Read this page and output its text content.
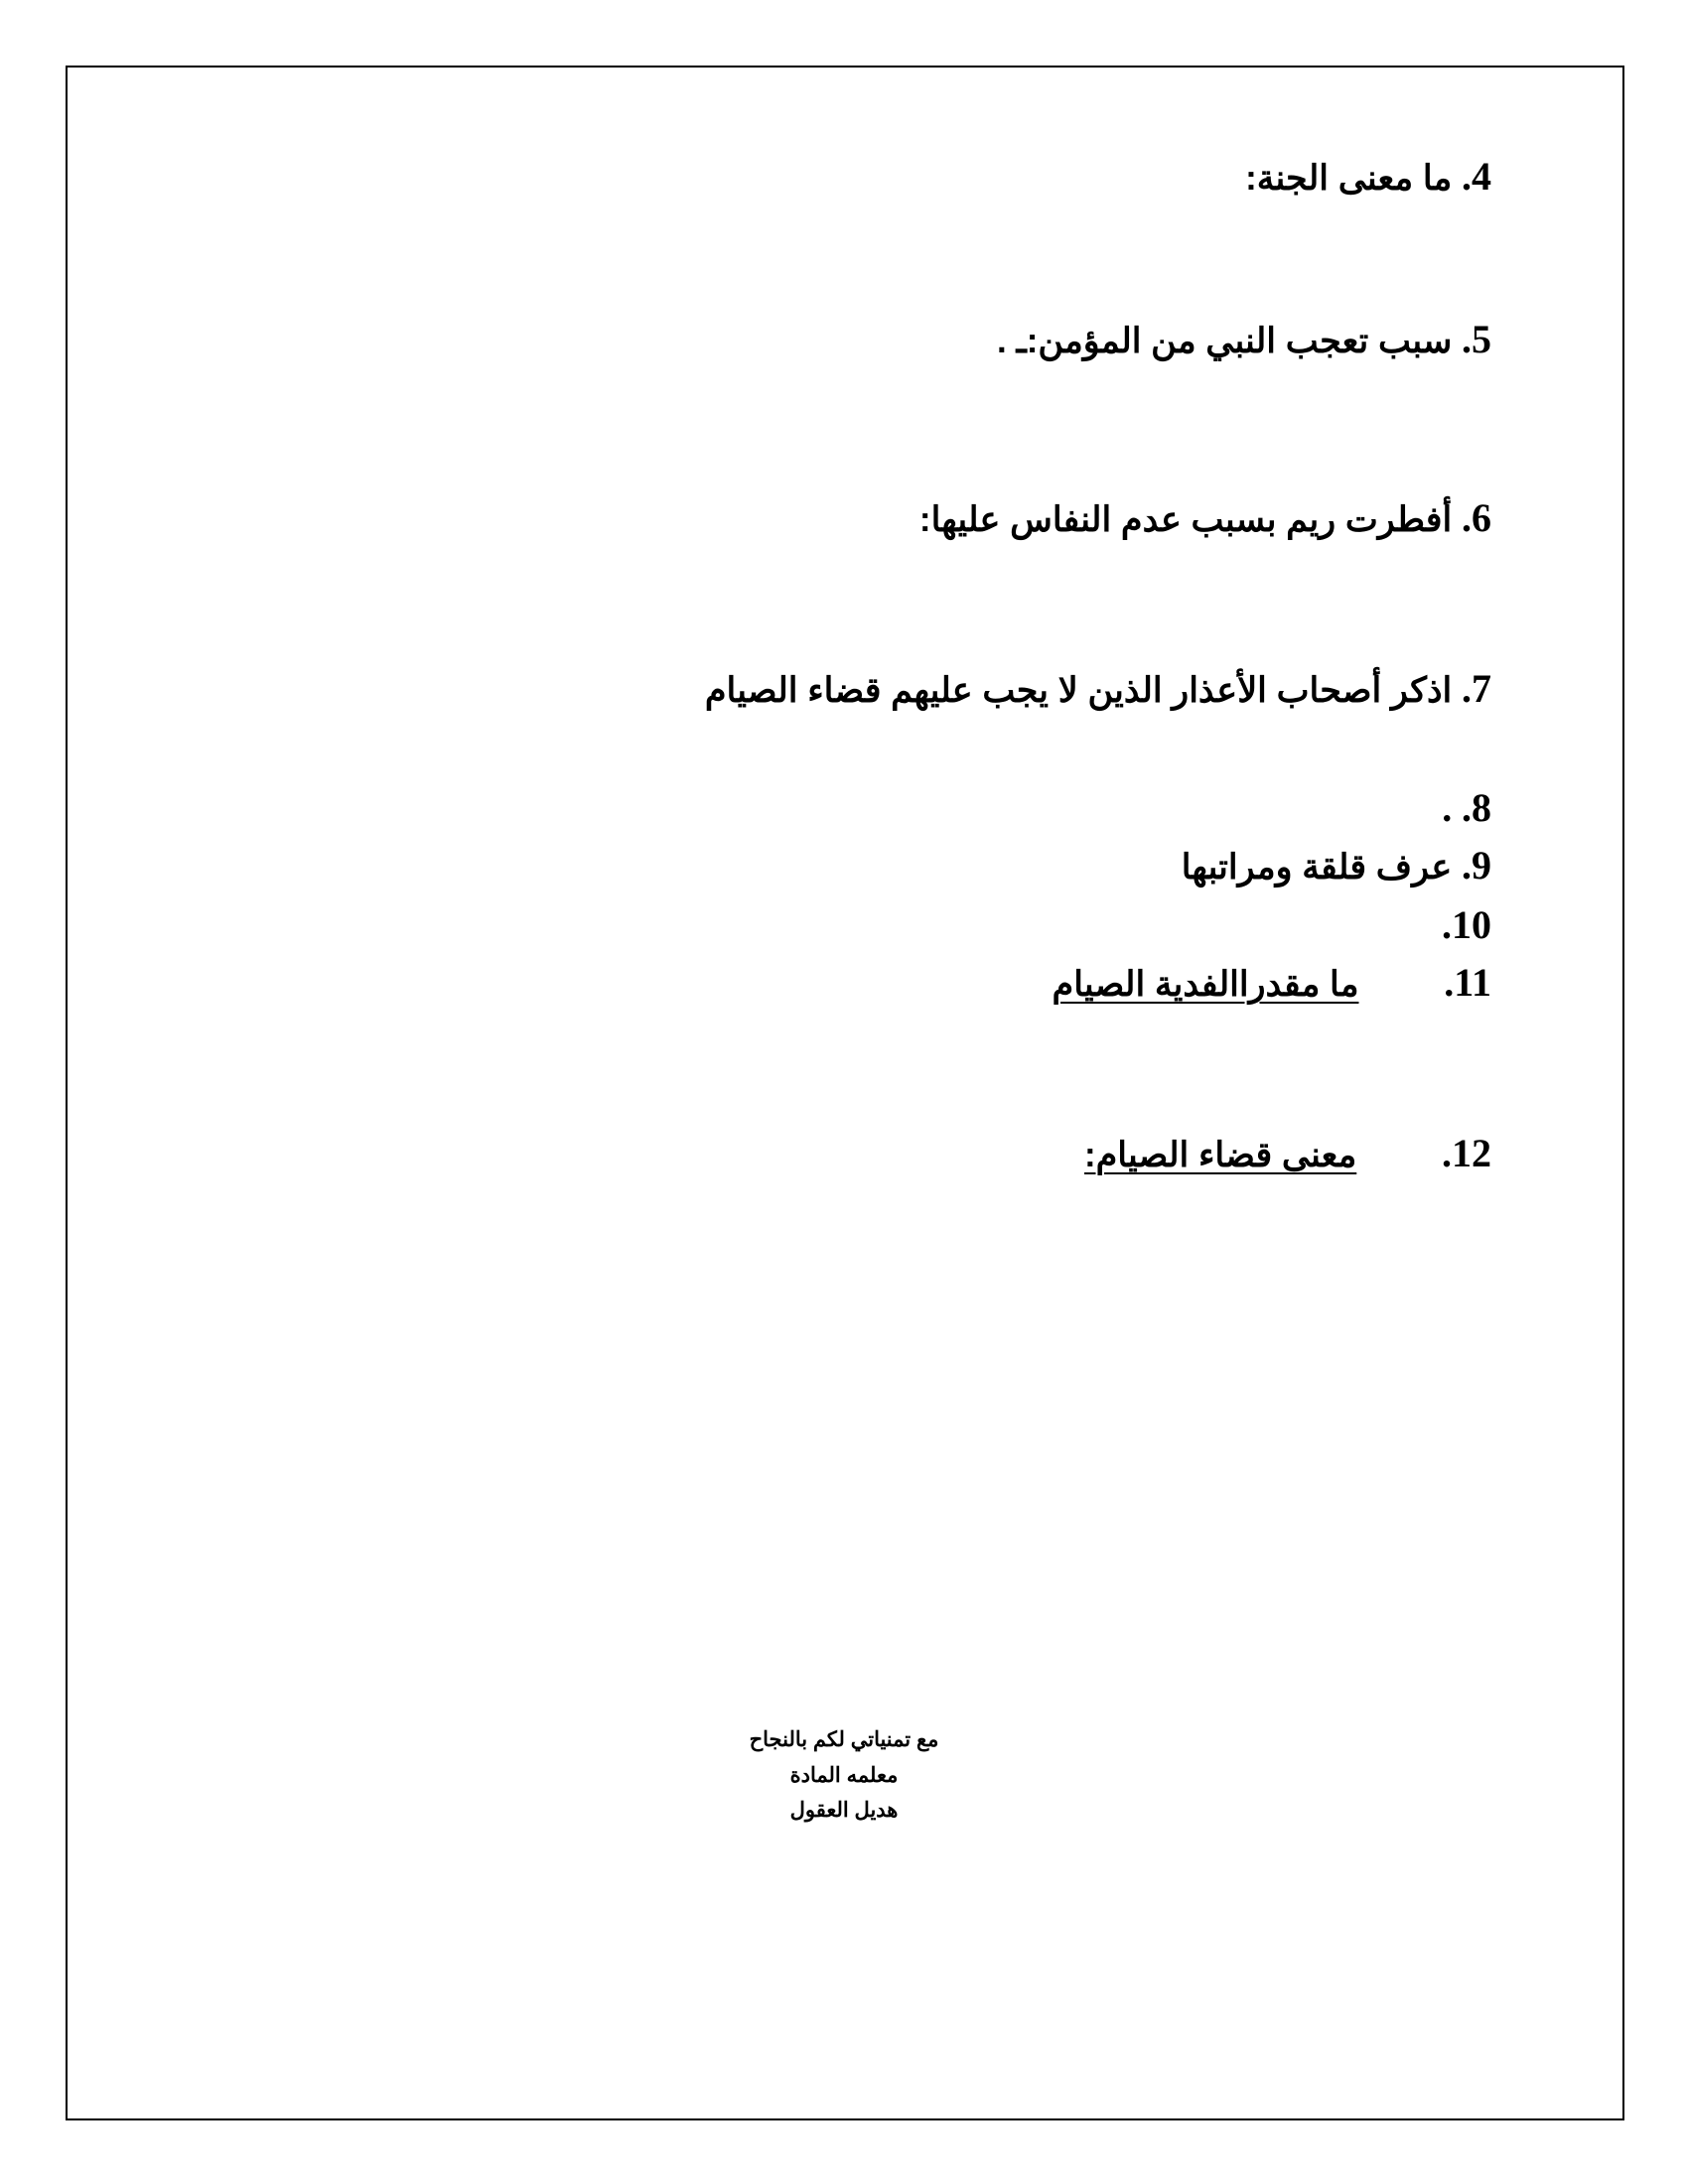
4. ما معنى الجنة:
5. سبب تعجب النبي من المؤمن:ـ .
6. أفطرت ريم بسبب عدم النفاس عليها:
7. اذكر أصحاب الأعذار الذين لا يجب عليهم قضاء الصيام
8. .
9. عرف قلقة ومراتبها
10.
11. ما مقدراالفدية الصيام
12. معنى قضاء الصيام:
مع تمنياتي لكم بالنجاح
معلمه المادة
هديل العقول
